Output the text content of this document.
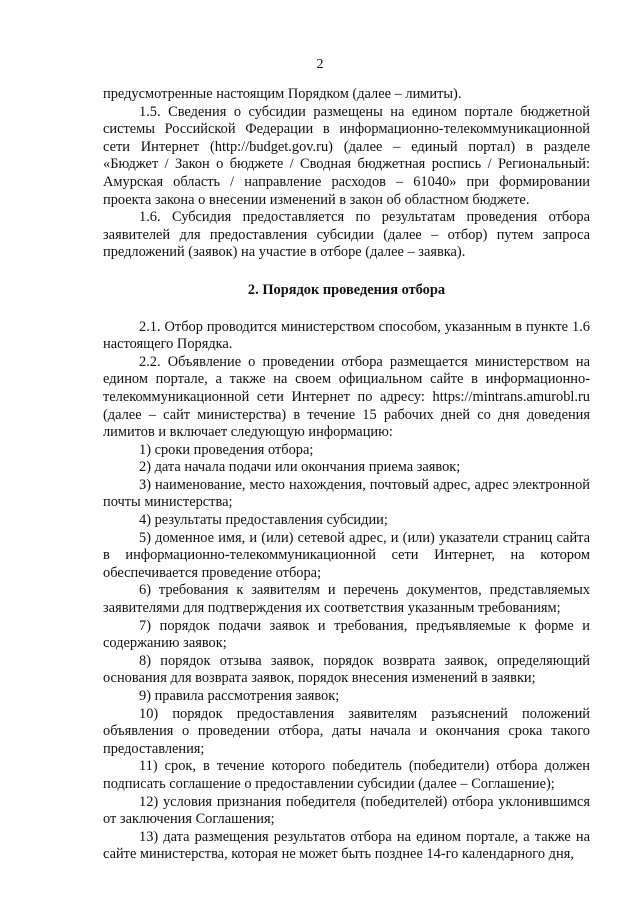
2

предусмотренные настоящим Порядком (далее – лимиты).

1.5. Сведения о субсидии размещены на едином портале бюджетной системы Российской Федерации в информационно-телекоммуникационной сети Интернет (http://budget.gov.ru) (далее – единый портал) в разделе «Бюджет / Закон о бюджете / Сводная бюджетная роспись / Региональный: Амурская область / направление расходов – 61040» при формировании проекта закона о внесении изменений в закон об областном бюджете.

1.6. Субсидия предоставляется по результатам проведения отбора заявителей для предоставления субсидии (далее – отбор) путем запроса предложений (заявок) на участие в отборе (далее – заявка).

2. Порядок проведения отбора

2.1. Отбор проводится министерством способом, указанным в пункте 1.6 настоящего Порядка.

2.2. Объявление о проведении отбора размещается министерством на едином портале, а также на своем официальном сайте в информационно-телекоммуникационной сети Интернет по адресу: https://mintrans.amurobl.ru (далее – сайт министерства) в течение 15 рабочих дней со дня доведения лимитов и включает следующую информацию:

1) сроки проведения отбора;

2) дата начала подачи или окончания приема заявок;

3) наименование, место нахождения, почтовый адрес, адрес электронной почты министерства;

4) результаты предоставления субсидии;

5) доменное имя, и (или) сетевой адрес, и (или) указатели страниц сайта в информационно-телекоммуникационной сети Интернет, на котором обеспечивается проведение отбора;

6) требования к заявителям и перечень документов, представляемых заявителями для подтверждения их соответствия указанным требованиям;

7) порядок подачи заявок и требования, предъявляемые к форме и содержанию заявок;

8) порядок отзыва заявок, порядок возврата заявок, определяющий основания для возврата заявок, порядок внесения изменений в заявки;

9) правила рассмотрения заявок;

10) порядок предоставления заявителям разъяснений положений объявления о проведении отбора, даты начала и окончания срока такого предоставления;

11) срок, в течение которого победитель (победители) отбора должен подписать соглашение о предоставлении субсидии (далее – Соглашение);

12) условия признания победителя (победителей) отбора уклонившимся от заключения Соглашения;

13) дата размещения результатов отбора на едином портале, а также на сайте министерства, которая не может быть позднее 14-го календарного дня,
